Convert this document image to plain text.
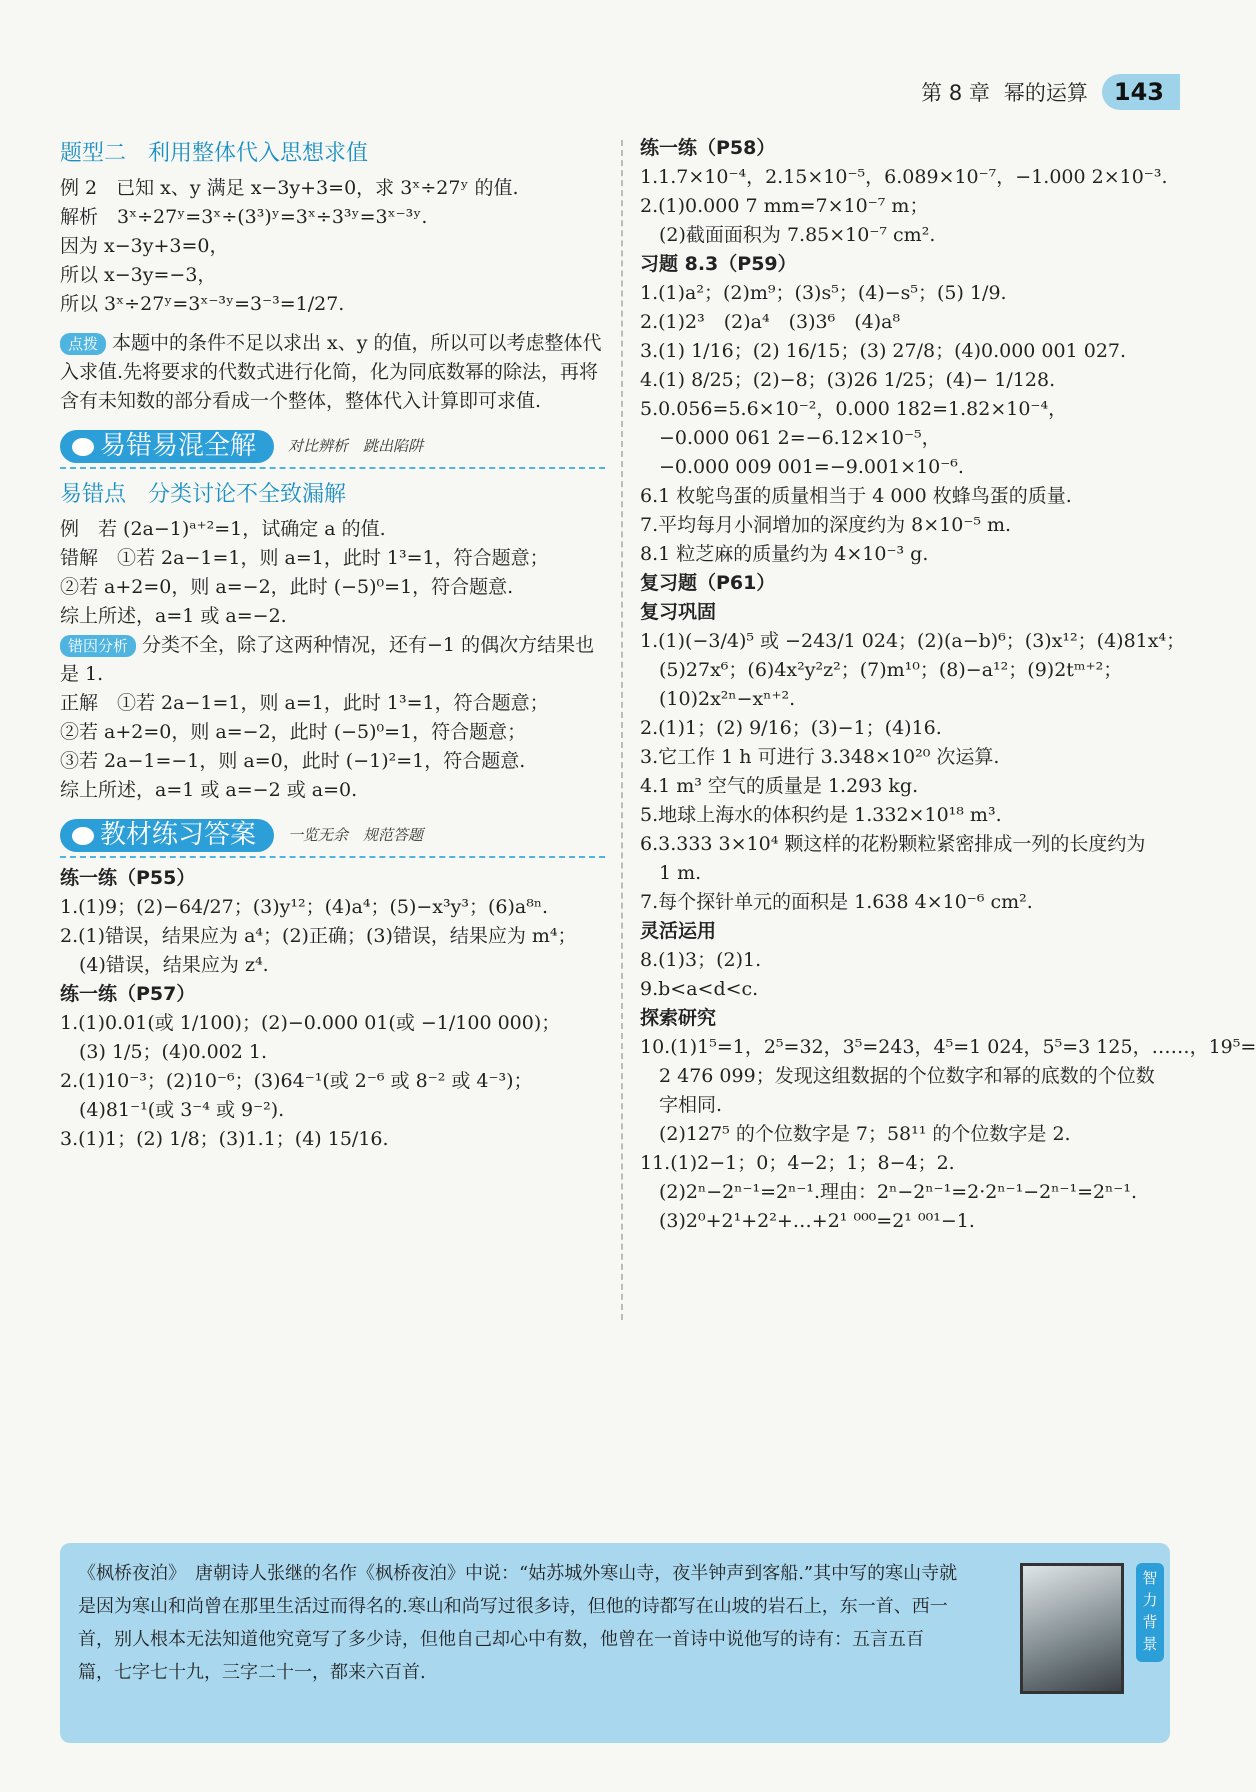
第 8 章 幂的运算	143
题型二　利用整体代入思想求值
例 2　已知 x、y 满足 x−3y+3=0，求 3ˣ÷27ʸ 的值.
解析　3ˣ÷27ʸ=3ˣ÷(3³)ʸ=3ˣ÷3³ʸ=3ˣ⁻³ʸ.
因为 x−3y+3=0，
所以 x−3y=−3，
所以 3ˣ÷27ʸ=3ˣ⁻³ʸ=3⁻³=1/27.
点拨 本题中的条件不足以求出 x、y 的值，所以可以考虑整体代入求值.先将要求的代数式进行化简，化为同底数幂的除法，再将含有未知数的部分看成一个整体，整体代入计算即可求值.
易错易混全解 对比辨析　跳出陷阱
易错点　分类讨论不全致漏解
例　若 (2a−1)ᵃ⁺²=1，试确定 a 的值.
错解　①若 2a−1=1，则 a=1，此时 1³=1，符合题意；
②若 a+2=0，则 a=−2，此时 (−5)⁰=1，符合题意.
综上所述，a=1 或 a=−2.
错因分析 分类不全，除了这两种情况，还有−1 的偶次方结果也是 1.
正解　①若 2a−1=1，则 a=1，此时 1³=1，符合题意；
②若 a+2=0，则 a=−2，此时 (−5)⁰=1，符合题意；
③若 2a−1=−1，则 a=0，此时 (−1)²=1，符合题意.
综上所述，a=1 或 a=−2 或 a=0.
教材练习答案 一览无余　规范答题
练一练（P55）
1.(1)9；(2)−64/27；(3)y¹²；(4)a⁴；(5)−x³y³；(6)a⁸ⁿ.
2.(1)错误，结果应为 a⁴；(2)正确；(3)错误，结果应为 m⁴；
　(4)错误，结果应为 z⁴.
练一练（P57）
1.(1)0.01(或 1/100)；(2)−0.000 01(或 −1/100 000)；
　(3) 1/5；(4)0.002 1.
2.(1)10⁻³；(2)10⁻⁶；(3)64⁻¹(或 2⁻⁶ 或 8⁻² 或 4⁻³)；
　(4)81⁻¹(或 3⁻⁴ 或 9⁻²).
3.(1)1；(2) 1/8；(3)1.1；(4) 15/16.
练一练（P58）
1.1.7×10⁻⁴，2.15×10⁻⁵，6.089×10⁻⁷，−1.000 2×10⁻³.
2.(1)0.000 7 mm=7×10⁻⁷ m；
　(2)截面面积为 7.85×10⁻⁷ cm².
习题 8.3（P59）
1.(1)a²；(2)m⁹；(3)s⁵；(4)−s⁵；(5) 1/9.
2.(1)2³　(2)a⁴　(3)3⁶　(4)a⁸
3.(1) 1/16；(2) 16/15；(3) 27/8；(4)0.000 001 027.
4.(1) 8/25；(2)−8；(3)26 1/25；(4)− 1/128.
5.0.056=5.6×10⁻²，0.000 182=1.82×10⁻⁴，
　−0.000 061 2=−6.12×10⁻⁵，
　−0.000 009 001=−9.001×10⁻⁶.
6.1 枚鸵鸟蛋的质量相当于 4 000 枚蜂鸟蛋的质量.
7.平均每月小洞增加的深度约为 8×10⁻⁵ m.
8.1 粒芝麻的质量约为 4×10⁻³ g.
复习题（P61）
复习巩固
1.(1)(−3/4)⁵ 或 −243/1 024；(2)(a−b)⁶；(3)x¹²；(4)81x⁴；
　(5)27x⁶；(6)4x²y²z²；(7)m¹⁰；(8)−a¹²；(9)2tᵐ⁺²；
　(10)2x²ⁿ−xⁿ⁺².
2.(1)1；(2) 9/16；(3)−1；(4)16.
3.它工作 1 h 可进行 3.348×10²⁰ 次运算.
4.1 m³ 空气的质量是 1.293 kg.
5.地球上海水的体积约是 1.332×10¹⁸ m³.
6.3.333 3×10⁴ 颗这样的花粉颗粒紧密排成一列的长度约为
　1 m.
7.每个探针单元的面积是 1.638 4×10⁻⁶ cm².
灵活运用
8.(1)3；(2)1.
9.b<a<d<c.
探索研究
10.(1)1⁵=1，2⁵=32，3⁵=243，4⁵=1 024，5⁵=3 125，……，19⁵=
　2 476 099；发现这组数据的个位数字和幂的底数的个位数
　字相同.
　(2)127⁵ 的个位数字是 7；58¹¹ 的个位数字是 2.
11.(1)2−1；0；4−2；1；8−4；2.
　(2)2ⁿ−2ⁿ⁻¹=2ⁿ⁻¹.理由：2ⁿ−2ⁿ⁻¹=2·2ⁿ⁻¹−2ⁿ⁻¹=2ⁿ⁻¹.
　(3)2⁰+2¹+2²+…+2¹ ⁰⁰⁰=2¹ ⁰⁰¹−1.
《枫桥夜泊》　唐朝诗人张继的名作《枫桥夜泊》中说：“姑苏城外寒山寺，夜半钟声到客船.”其中写的寒山寺就是因为寒山和尚曾在那里生活过而得名的.寒山和尚写过很多诗，但他的诗都写在山坡的岩石上，东一首、西一首，别人根本无法知道他究竟写了多少诗，但他自己却心中有数，他曾在一首诗中说他写的诗有：五言五百篇，七字七十九，三字二十一，都来六百首.
智力背景
